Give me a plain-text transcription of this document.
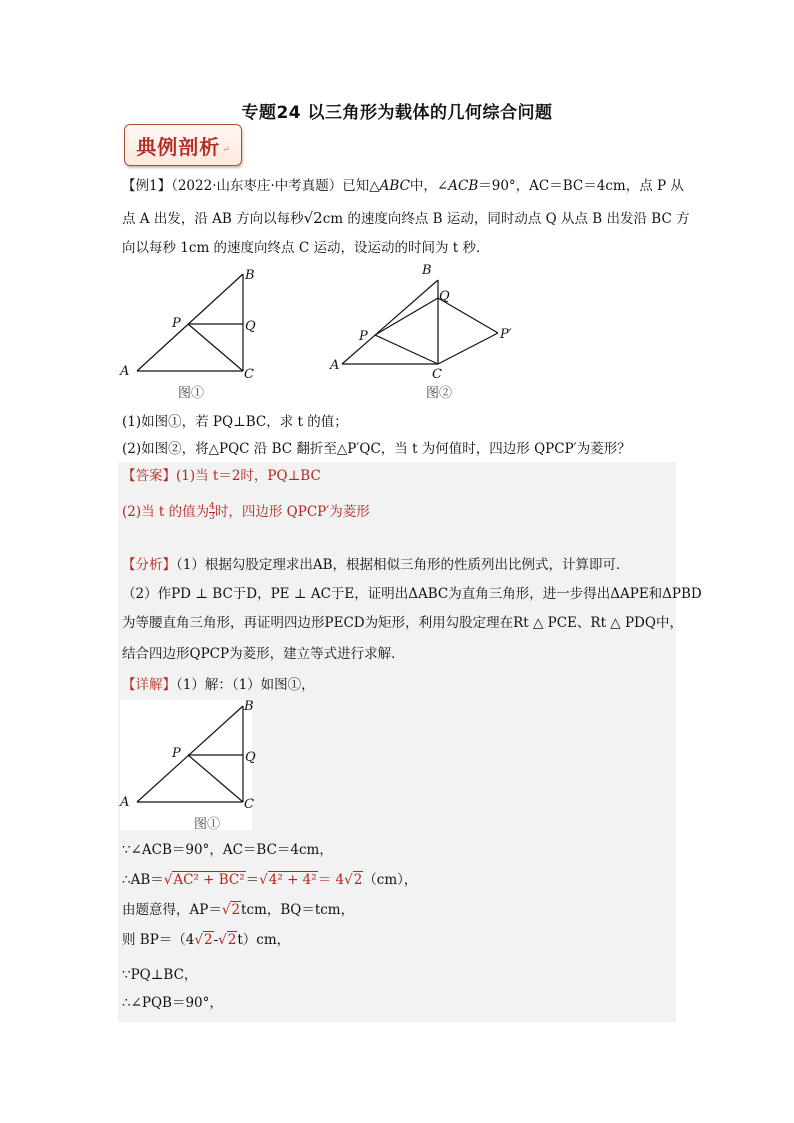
专题24 以三角形为载体的几何综合问题
典例剖析 ↵
【例1】（2022·山东枣庄·中考真题）已知△ABC中，∠ACB＝90°，AC＝BC＝4cm，点 P 从
点 A 出发，沿 AB 方向以每秒√2cm 的速度向终点 B 运动，同时动点 Q 从点 B 出发沿 BC 方
向以每秒 1cm 的速度向终点 C 运动，设运动的时间为 t 秒．
B
A	C
P	Q
图①
B
A
C
P
Q
P′
图②
(1)如图①，若 PQ⊥BC，求 t 的值；
(2)如图②，将△PQC 沿 BC 翻折至△P′QC，当 t 为何值时，四边形 QPCP′为菱形？
【答案】(1)当 t＝2时，PQ⊥BC
(2)当 t 的值为$\frac{4}{3}$时，四边形 QPCP′为菱形
【分析】（1）根据勾股定理求出AB，根据相似三角形的性质列出比例式，计算即可．
（2）作PD ⊥ BC于D，PE ⊥ AC于E，证明出ΔABC为直角三角形，进一步得出ΔAPE和ΔPBD
为等腰直角三角形，再证明四边形PECD为矩形，利用勾股定理在Rt △ PCE、Rt △ PDQ中，
结合四边形QPCP为菱形，建立等式进行求解．
【详解】（1）解：（1）如图①，
B
A	C
P	Q
图①
∵∠ACB＝90°，AC＝BC＝4cm，
∴AB＝√AC² + BC²＝√4² + 4²＝ 4√2（cm），
由题意得，AP＝√2tcm，BQ＝tcm，
则 BP＝（4√2-√2t）cm，
∵PQ⊥BC，
∴∠PQB＝90°，
